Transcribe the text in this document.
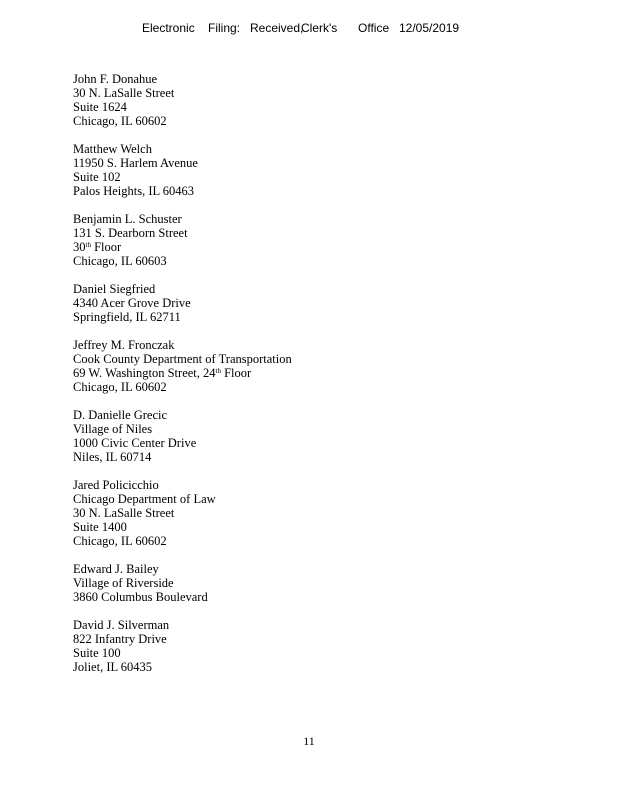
Electronic Filing: Received,
Clerk's Office 12/05/2019
John F. Donahue
30 N. LaSalle Street
Suite 1624
Chicago, IL 60602
Matthew Welch
11950 S. Harlem Avenue
Suite 102
Palos Heights, IL 60463
Benjamin L. Schuster
131 S. Dearborn Street
30th Floor
Chicago, IL 60603
Daniel Siegfried
4340 Acer Grove Drive
Springfield, IL 62711
Jeffrey M. Fronczak
Cook County Department of Transportation
69 W. Washington Street, 24th Floor
Chicago, IL 60602
D. Danielle Grecic
Village of Niles
1000 Civic Center Drive
Niles, IL 60714
Jared Policicchio
Chicago Department of Law
30 N. LaSalle Street
Suite 1400
Chicago, IL 60602
Edward J. Bailey
Village of Riverside
3860 Columbus Boulevard
David J. Silverman
822 Infantry Drive
Suite 100
Joliet, IL 60435
11
